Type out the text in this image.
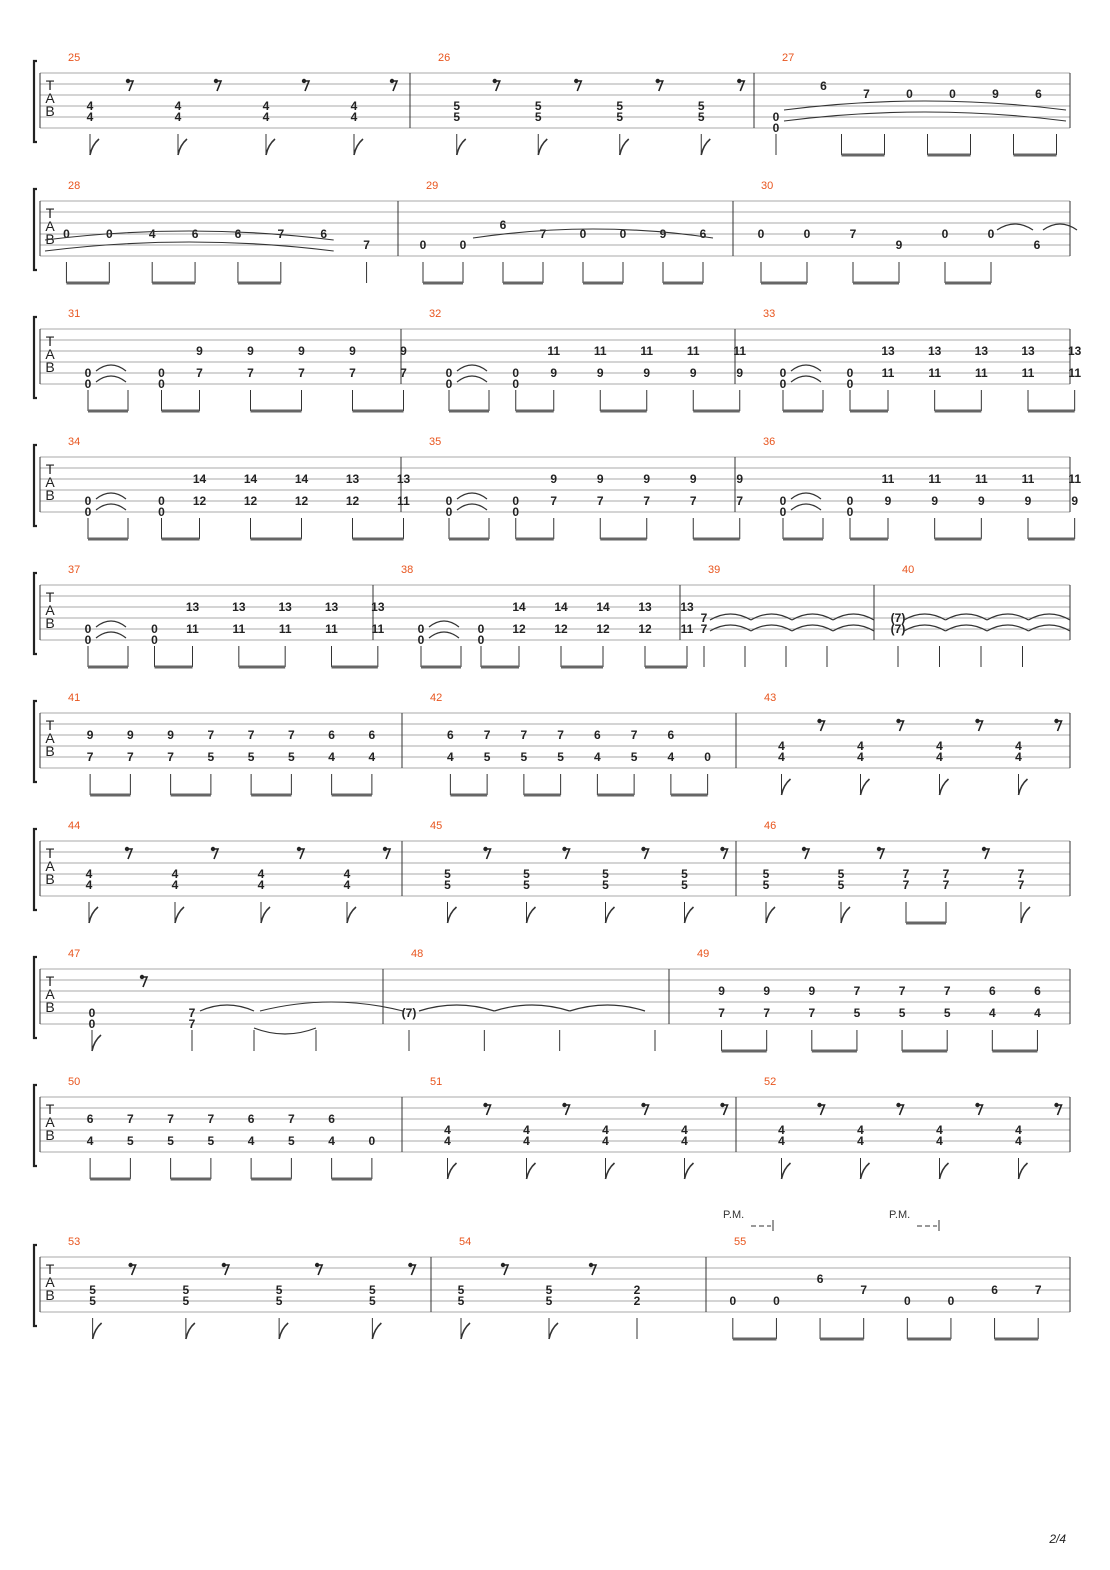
T
A
B
25
4
4
4
4
4
4
4
4
26
5
5
5
5
5
5
5
5
27
0
0
6
7	0	0	9	6
T
A
B
28
0	0	4	6	6	7	6
7
29
0	0
6
7	0	0	9	6
30
0	0	7
9
0	0
6
T
A
B
31
0
0
0
0
9
7
9
7
9
7
9
7
9
7
32
0
0
0
0
11
9
11
9
11
9
11
9
11
9
33
0
0
0
0
13
11
13
11
13
11
13
11
13
11
T
A
B
34
0
0
0
0
14
12
14
12
14
12
13
12
13
11
35
0
0
0
0
9
7
9
7
9
7
9
7
9
7
36
0
0
0
0
11
9
11
9
11
9
11
9
11
9
T
A
B
37
0
0
0
0
13
11
13
11
13
11
13
11
13
11
38
0
0
0
0
14
12
14
12
14
12
13
12
13
11
39
7
7
40
(7)
(7)
T
A
B
41
9
7
9
7
9
7
7
5
7
5
7
5
6
4
6
4
42
6
4
7
5
7
5
7
5
6
4
7
5
6
4	0
43
4
4
4
4
4
4
4
4
T
A
B
44
4
4
4
4
4
4
4
4
45
5
5
5
5
5
5
5
5
46
5
5
5
5
7
7
7
7
7
7
T
A
B
47
0
0
7
7
48
(7)
49
9
7
9
7
9
7
7
5
7
5
7
5
6
4
6
4
T
A
B
50
6
4
7
5
7
5
7
5
6
4
7
5
6
4	0
51
4
4
4
4
4
4
4
4
52
4
4
4
4
4
4
4
4
T
A
B
53
5
5
5
5
5
5
5
5
54
5
5
5
5
2
2
55
0	0
6
7
0	0
6	7
P.M.	P.M.
2/4
